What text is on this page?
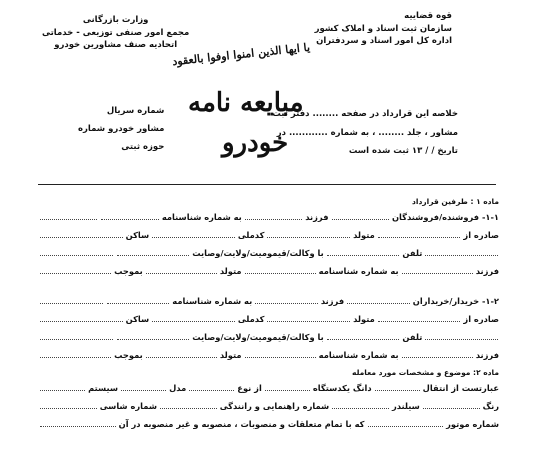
قوه قضاییه
سازمان ثبت اسناد و املاک کشور
اداره کل امور اسناد و سردفتران
وزارت بازرگانی
مجمع امور صنفی توزیعی - خدماتی
اتحادیه صنف مشاورین خودرو
یا ایها الذین امنوا اوفوا بالعقود
مبایعه نامه
خودرو
خلاصه این قرارداد در صفحه ........ دفتر ثبت
مشاور ، جلد ........ ، به شماره ............ در
تاریخ / / ۱۳ ثبت شده است
شماره سریال
مشاور خودرو شماره
حوزه ثبتی
ماده ۱ : طرفین قرارداد
۱-۱- فروشنده/فروشندگان
فرزند
به شماره شناسنامه
صادره از
متولد
کدملی
ساکن
تلفن
با وکالت/قیمومیت/ولایت/وصایت
فرزند
به شماره شناسنامه
متولد
بموجب
۱-۲- خریدار/خریداران
فرزند
به شماره شناسنامه
صادره از
متولد
کدملی
ساکن
تلفن
با وکالت/قیمومیت/ولایت/وصایت
فرزند
به شماره شناسنامه
متولد
بموجب
ماده ۲: موضوع و مشخصات مورد معامله
عبارتست از انتقال
دانگ یکدستگاه
از نوع
مدل
سیستم
رنگ
سیلندر
شماره راهنمایی و رانندگی
شماره شاسی
شماره موتور
که با تمام متعلقات و منصوبات ، منصوبه و غیر منصوبه در آن
